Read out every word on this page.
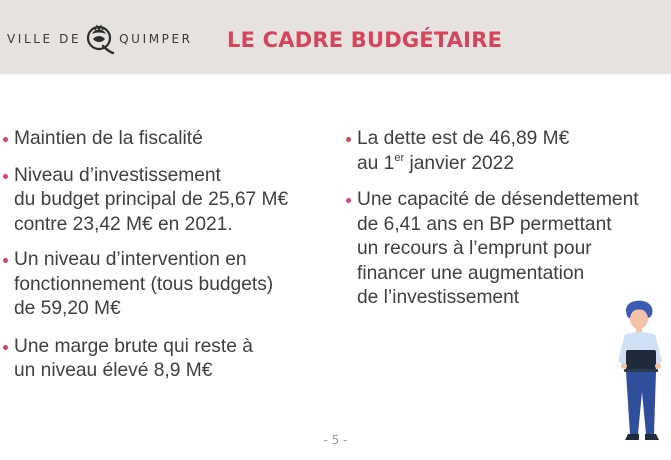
VILLE DE	QUIMPER LE CADRE BUDGÉTAIRE
Maintien de la fiscalité
Niveau d’investissement
du budget principal de 25,67 M€
contre 23,42 M€ en 2021.
Un niveau d’intervention en
fonctionnement (tous budgets)
de 59,20 M€
Une marge brute qui reste à
un niveau élevé 8,9 M€
La dette est de 46,89 M€
au 1er janvier 2022
Une capacité de désendettement
de 6,41 ans en BP permettant
un recours à l’emprunt pour
financer une augmentation
de l’investissement
- 5 -
